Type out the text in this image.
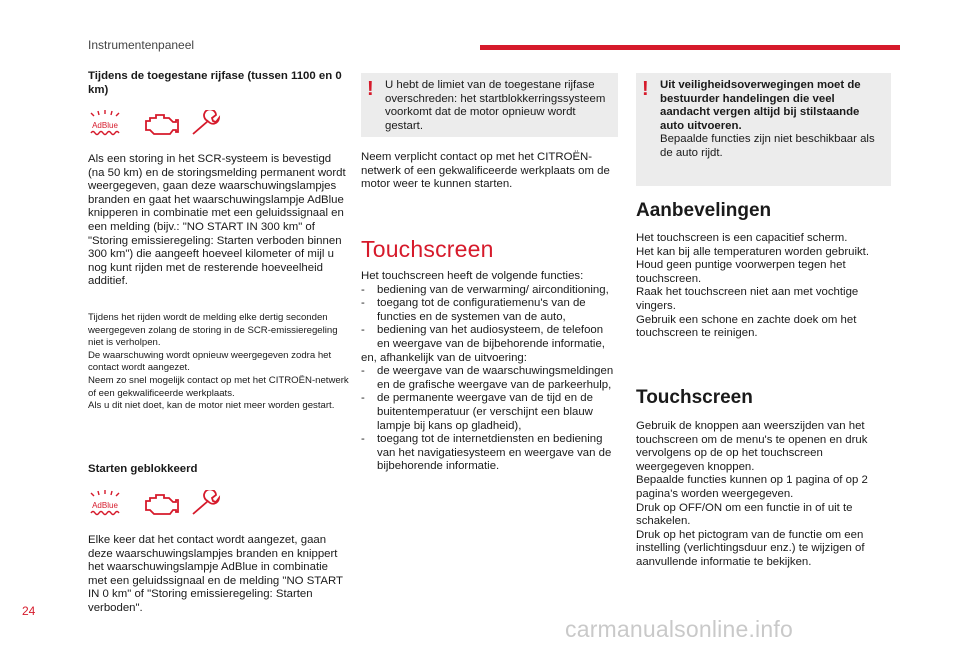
Instrumentenpaneel

Tijdens de toegestane rijfase (tussen 1100 en 0 km)

AdBlue

Als een storing in het SCR-systeem is bevestigd (na 50 km) en de storingsmelding permanent wordt weergegeven, gaan deze waarschuwingslampjes branden en gaat het waarschuwingslampje AdBlue knipperen in combinatie met een geluidssignaal en een melding (bijv.: "NO START IN 300 km" of "Storing emissieregeling: Starten verboden binnen 300 km") die aangeeft hoeveel kilometer of mijl u nog kunt rijden met de resterende hoeveelheid additief.

Tijdens het rijden wordt de melding elke dertig seconden weergegeven zolang de storing in de SCR-emissieregeling niet is verholpen.
De waarschuwing wordt opnieuw weergegeven zodra het contact wordt aangezet.
Neem zo snel mogelijk contact op met het CITROËN-netwerk of een gekwalificeerde werkplaats.
Als u dit niet doet, kan de motor niet meer worden gestart.

Starten geblokkeerd

AdBlue

Elke keer dat het contact wordt aangezet, gaan deze waarschuwingslampjes branden en knippert het waarschuwingslampje AdBlue in combinatie met een geluidssignaal en de melding "NO START IN 0 km" of "Storing emissieregeling: Starten verboden".

! U hebt de limiet van de toegestane rijfase overschreden: het startblokkerringssysteem voorkomt dat de motor opnieuw wordt gestart.

Neem verplicht contact op met het CITROËN-netwerk of een gekwalificeerde werkplaats om de motor weer te kunnen starten.

Touchscreen

Het touchscreen heeft de volgende functies:

- bediening van de verwarming/ airconditioning,
- toegang tot de configuratiemenu's van de functies en de systemen van de auto,
- bediening van het audiosysteem, de telefoon en weergave van de bijbehorende informatie,

en, afhankelijk van de uitvoering:

- de weergave van de waarschuwingsmeldingen en de grafische weergave van de parkeerhulp,
- de permanente weergave van de tijd en de buitentemperatuur (er verschijnt een blauw lampje bij kans op gladheid),
- toegang tot de internetdiensten en bediening van het navigatiesysteem en weergave van de bijbehorende informatie.
! Uit veiligheidsoverwegingen moet de bestuurder handelingen die veel aandacht vergen altijd bij stilstaande auto uitvoeren.

Bepaalde functies zijn niet beschikbaar als de auto rijdt.

Aanbevelingen

Het touchscreen is een capacitief scherm.
Het kan bij alle temperaturen worden gebruikt.
Houd geen puntige voorwerpen tegen het touchscreen.
Raak het touchscreen niet aan met vochtige vingers.
Gebruik een schone en zachte doek om het touchscreen te reinigen.

Touchscreen

Gebruik de knoppen aan weerszijden van het touchscreen om de menu's te openen en druk vervolgens op de op het touchscreen weergegeven knoppen.
Bepaalde functies kunnen op 1 pagina of op 2 pagina's worden weergegeven.
Druk op OFF/ON om een functie in of uit te schakelen.
Druk op het pictogram van de functie om een instelling (verlichtingsduur enz.) te wijzigen of aanvullende informatie te bekijken.

24
carmanualsonline.info
